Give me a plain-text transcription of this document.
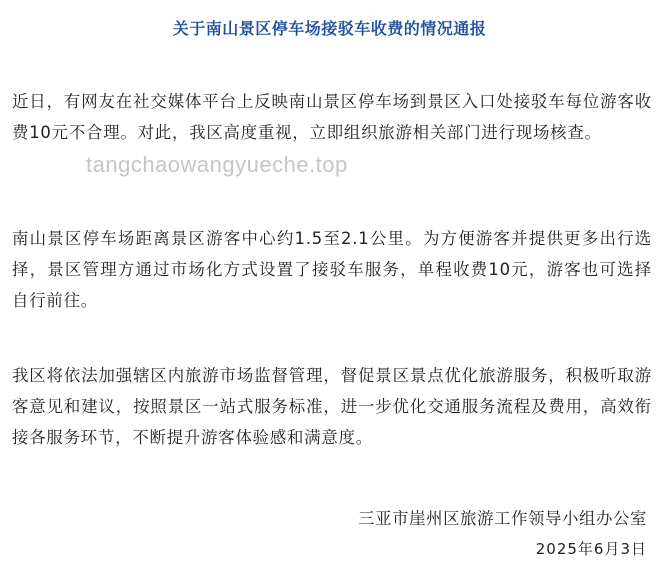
关于南山景区停车场接驳车收费的情况通报

近日，有网友在社交媒体平台上反映南山景区停车场到景区入口处接驳车每位游客收费10元不合理。对此，我区高度重视，立即组织旅游相关部门进行现场核查。

南山景区停车场距离景区游客中心约1.5至2.1公里。为方便游客并提供更多出行选择，景区管理方通过市场化方式设置了接驳车服务，单程收费10元，游客也可选择自行前往。

我区将依法加强辖区内旅游市场监督管理，督促景区景点优化旅游服务，积极听取游客意见和建议，按照景区一站式服务标准，进一步优化交通服务流程及费用，高效衔接各服务环节，不断提升游客体验感和满意度。

tangchaowangyueche.top
三亚市崖州区旅游工作领导小组办公室
2025年6月3日
